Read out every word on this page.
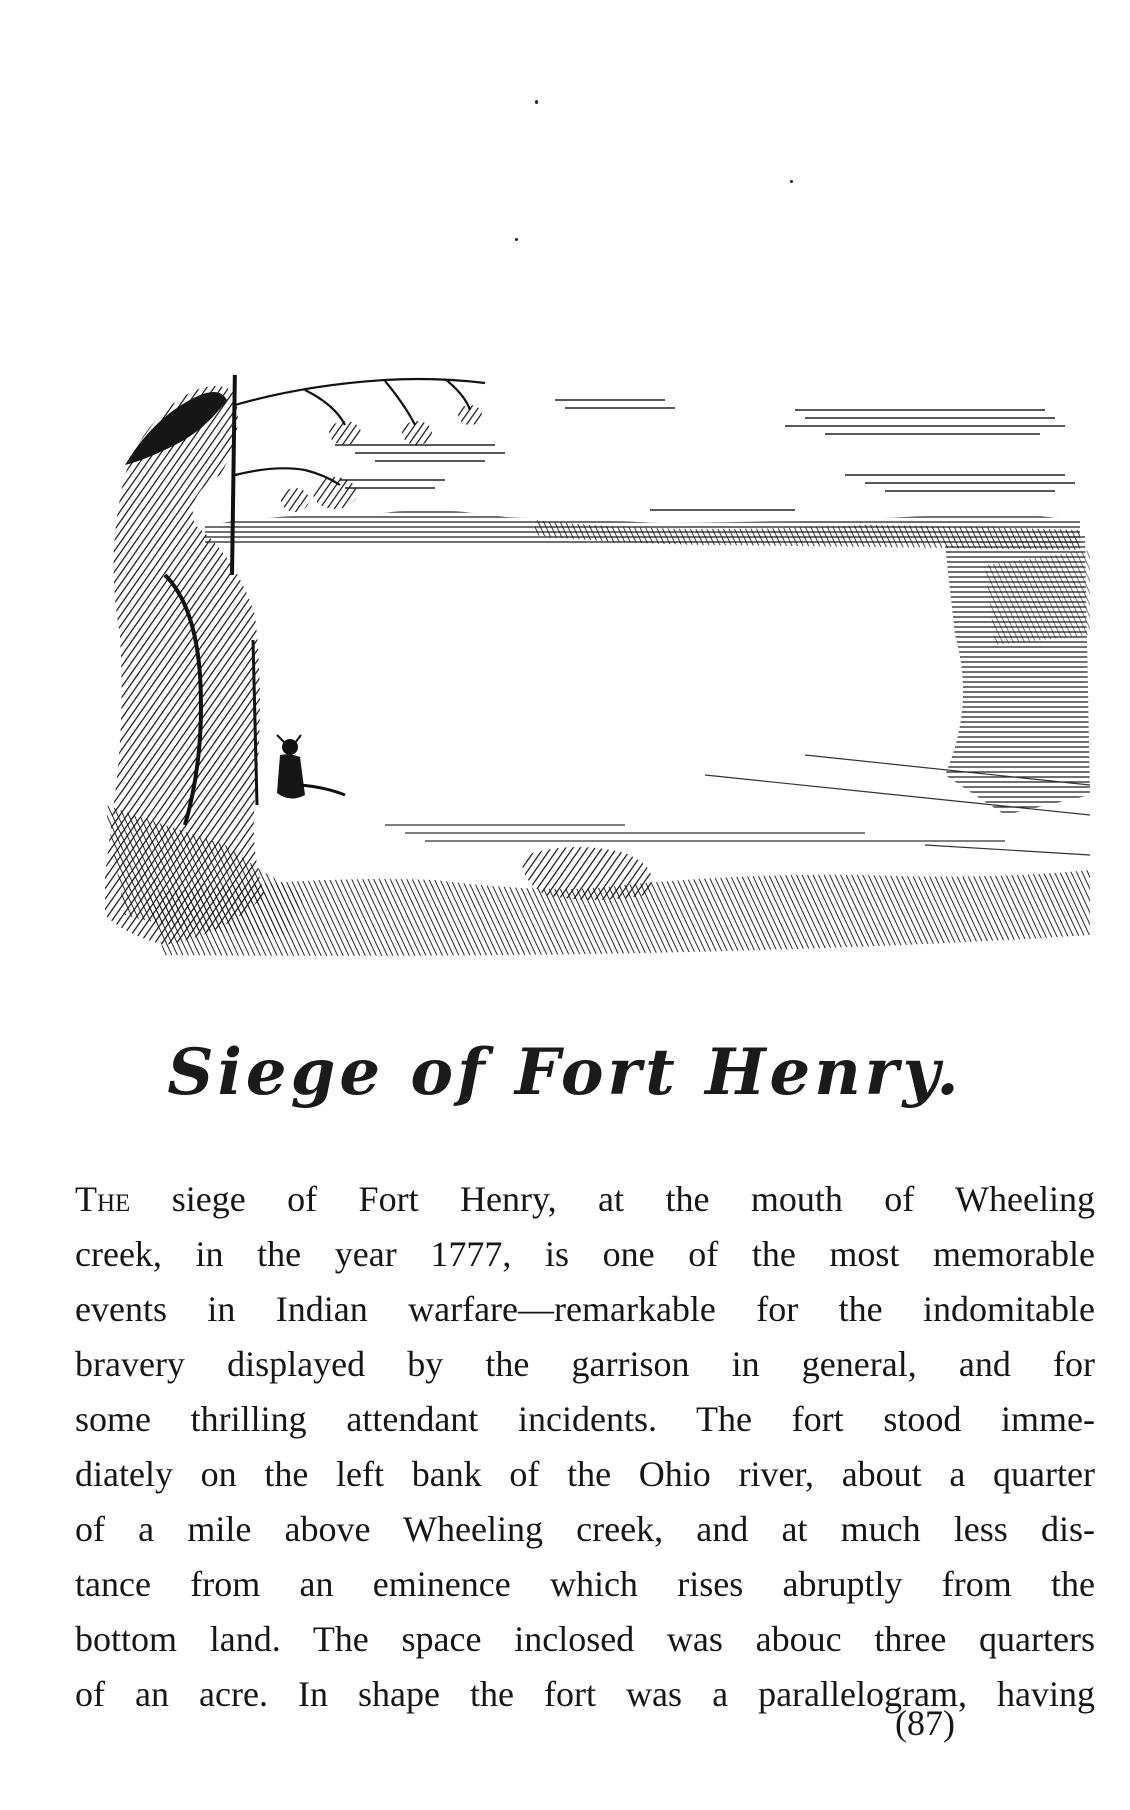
Siege of Fort Henry.
The siege of Fort Henry, at the mouth of Wheeling
creek, in the year 1777, is one of the most memorable
events in Indian warfare—remarkable for the indomitable
bravery displayed by the garrison in general, and for
some thrilling attendant incidents. The fort stood imme-
diately on the left bank of the Ohio river, about a quarter
of a mile above Wheeling creek, and at much less dis-
tance from an eminence which rises abruptly from the
bottom land. The space inclosed was abouc three quarters
of an acre. In shape the fort was a parallelogram, having
(87)
